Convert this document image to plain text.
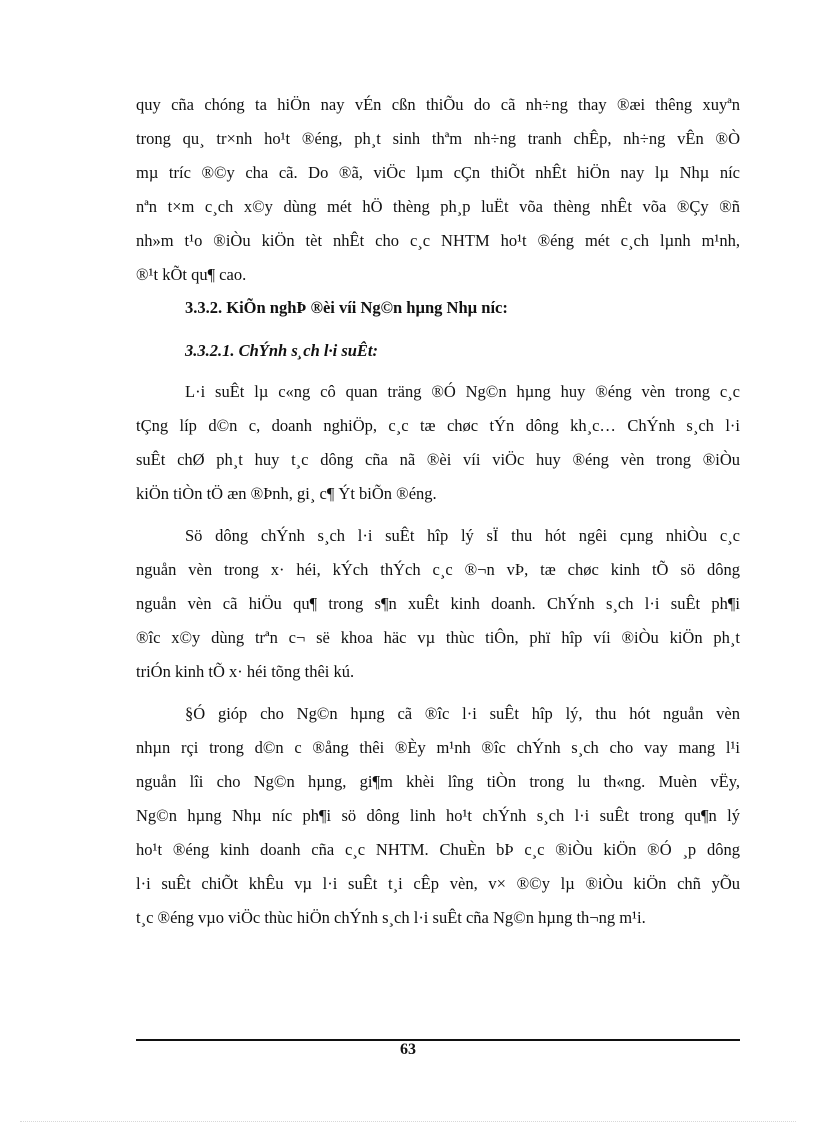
quy cña chóng ta hiÖn nay vÉn cßn thiÕu do cã nh÷ng thay ®æi thêng xuyªn
trong qu¸ tr×nh ho¹t ®éng, ph¸t sinh thªm nh÷ng tranh chÊp, nh÷ng vÊn ®Ò
mµ tríc ®©y cha cã. Do ®ã, viÖc lµm cÇn thiÕt nhÊt hiÖn nay lµ Nhµ níc
nªn t×m c¸ch x©y dùng mét hÖ thèng ph¸p luËt võa thèng nhÊt võa ®Çy ®ñ
nh»m t¹o ®iÒu kiÖn tèt nhÊt cho c¸c NHTM ho¹t ®éng mét c¸ch lµnh m¹nh,
®¹t kÕt qu¶ cao.
3.3.2. KiÕn nghÞ ®èi víi Ng©n hµng Nhµ níc:
3.3.2.1. ChÝnh s¸ch l·i suÊt:
L·i suÊt lµ c«ng cô quan träng ®Ó Ng©n hµng huy ®éng vèn trong c¸c
tÇng líp d©n c, doanh nghiÖp, c¸c tæ chøc tÝn dông kh¸c… ChÝnh s¸ch l·i
suÊt chØ ph¸t huy t¸c dông cña nã ®èi víi viÖc huy ®éng vèn trong ®iÒu
kiÖn tiÒn tÖ æn ®Þnh, gi¸ c¶ Ýt biÕn ®éng.
Sö dông chÝnh s¸ch l·i suÊt hîp lý sÏ thu hót ngêi cµng nhiÒu c¸c
nguån vèn trong x· héi, kÝch thÝch c¸c ®¬n vÞ, tæ chøc kinh tÕ sö dông
nguån vèn cã hiÖu qu¶ trong s¶n xuÊt kinh doanh. ChÝnh s¸ch l·i suÊt ph¶i
®îc x©y dùng trªn c¬ së khoa häc vµ thùc tiÔn, phï hîp víi ®iÒu kiÖn ph¸t
triÓn kinh tÕ x· héi tõng thêi kú.
§Ó gióp cho Ng©n hµng cã ®îc l·i suÊt hîp lý, thu hót nguån vèn
nhµn rçi trong d©n c ®ång thêi ®Èy m¹nh ®îc chÝnh s¸ch cho vay mang l¹i
nguån lîi cho Ng©n hµng, gi¶m khèi lîng tiÒn trong lu th«ng. Muèn vËy,
Ng©n hµng Nhµ níc ph¶i sö dông linh ho¹t chÝnh s¸ch l·i suÊt trong qu¶n lý
ho¹t ®éng kinh doanh cña c¸c NHTM. ChuÈn bÞ c¸c ®iÒu kiÖn ®Ó ¸p dông
l·i suÊt chiÕt khÊu vµ l·i suÊt t¸i cÊp vèn, v× ®©y lµ ®iÒu kiÖn chñ yÕu
t¸c ®éng vµo viÖc thùc hiÖn chÝnh s¸ch l·i suÊt cña Ng©n hµng th¬ng m¹i.
63
